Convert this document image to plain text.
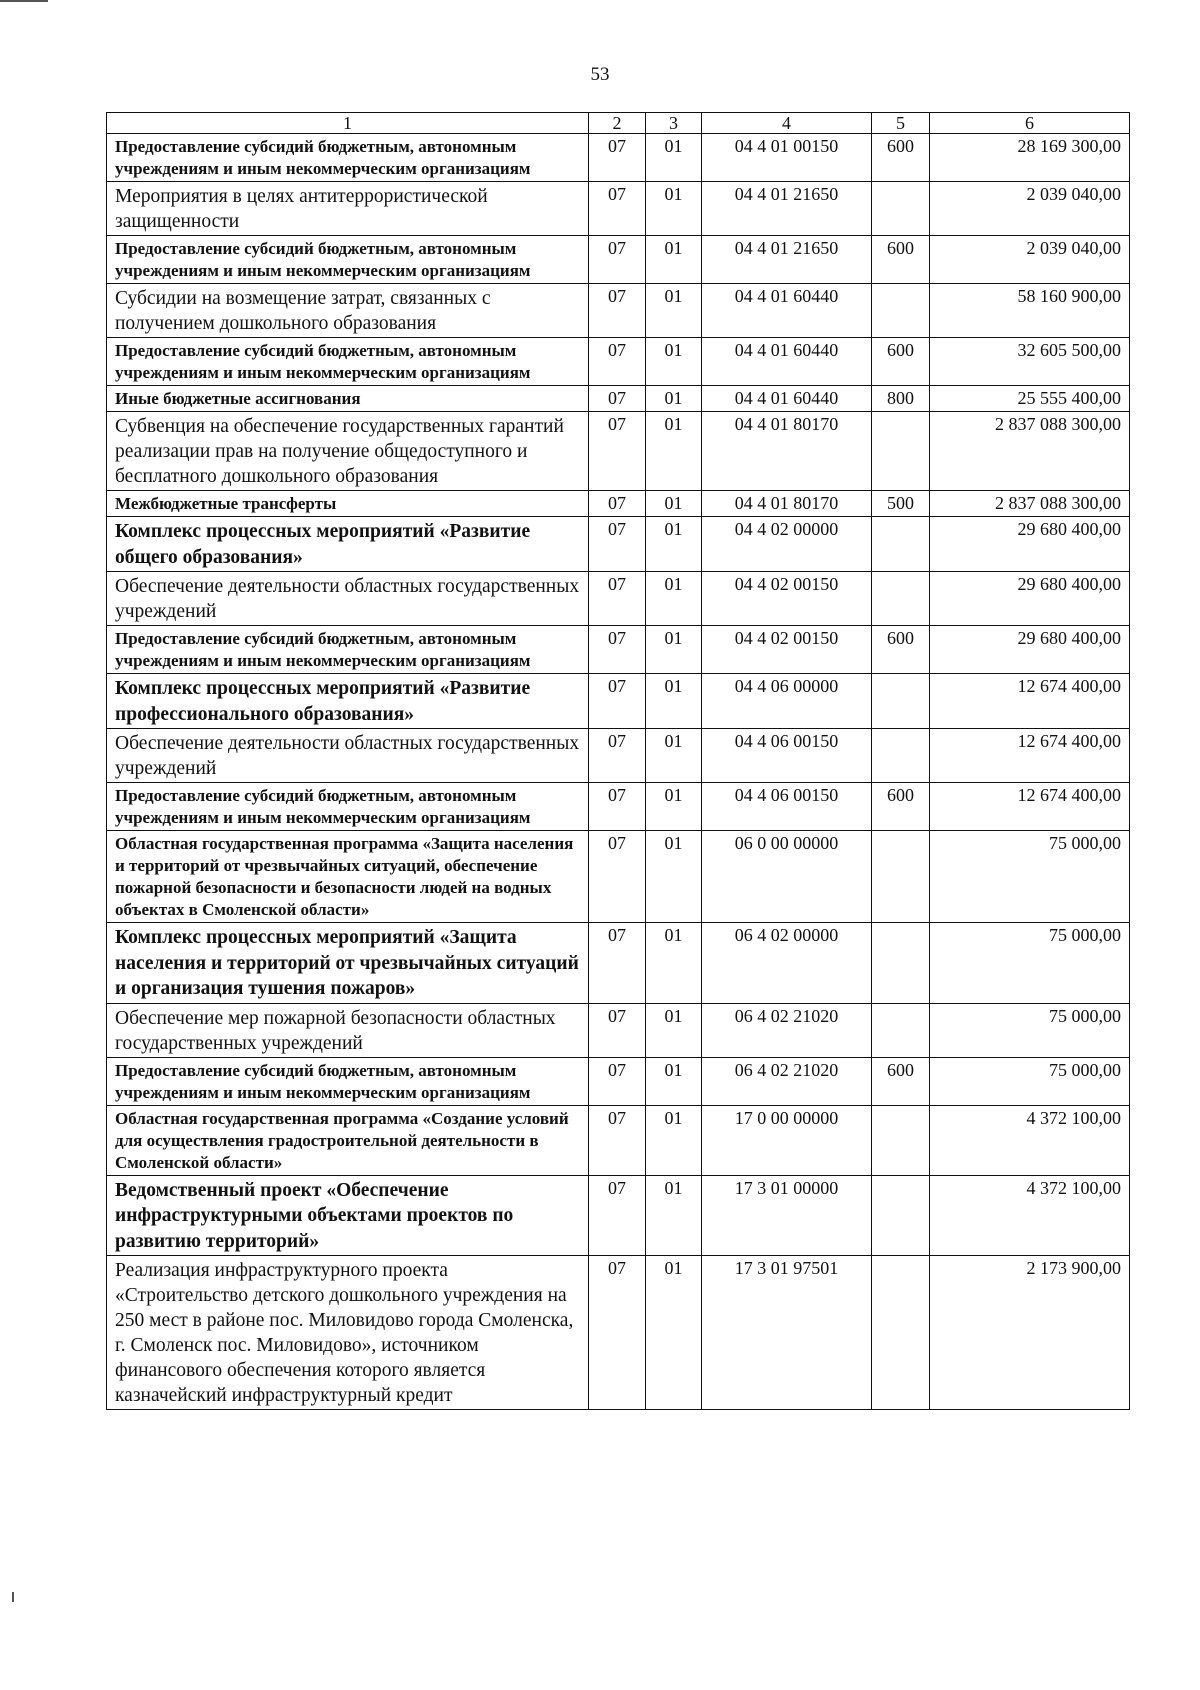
53
1	2	3	4	5	6
Предоставление субсидий бюджетным, автономным учреждениям и иным некоммерческим организациям	07	01	04 4 01 00150	600	28 169 300,00
Мероприятия в целях антитеррористической защищенности	07	01	04 4 01 21650		2 039 040,00
Предоставление субсидий бюджетным, автономным учреждениям и иным некоммерческим организациям	07	01	04 4 01 21650	600	2 039 040,00
Субсидии на возмещение затрат, связанных с получением дошкольного образования	07	01	04 4 01 60440		58 160 900,00
Предоставление субсидий бюджетным, автономным учреждениям и иным некоммерческим организациям	07	01	04 4 01 60440	600	32 605 500,00
Иные бюджетные ассигнования	07	01	04 4 01 60440	800	25 555 400,00
Субвенция на обеспечение государственных гарантий реализации прав на получение общедоступного и бесплатного дошкольного образования	07	01	04 4 01 80170		2 837 088 300,00
Межбюджетные трансферты	07	01	04 4 01 80170	500	2 837 088 300,00
Комплекс процессных мероприятий «Развитие общего образования»	07	01	04 4 02 00000		29 680 400,00
Обеспечение деятельности областных государственных учреждений	07	01	04 4 02 00150		29 680 400,00
Предоставление субсидий бюджетным, автономным учреждениям и иным некоммерческим организациям	07	01	04 4 02 00150	600	29 680 400,00
Комплекс процессных мероприятий «Развитие профессионального образования»	07	01	04 4 06 00000		12 674 400,00
Обеспечение деятельности областных государственных учреждений	07	01	04 4 06 00150		12 674 400,00
Предоставление субсидий бюджетным, автономным учреждениям и иным некоммерческим организациям	07	01	04 4 06 00150	600	12 674 400,00
Областная государственная программа «Защита населения и территорий от чрезвычайных ситуаций, обеспечение пожарной безопасности и безопасности людей на водных объектах в Смоленской области»	07	01	06 0 00 00000		75 000,00
Комплекс процессных мероприятий «Защита населения и территорий от чрезвычайных ситуаций и организация тушения пожаров»	07	01	06 4 02 00000		75 000,00
Обеспечение мер пожарной безопасности областных государственных учреждений	07	01	06 4 02 21020		75 000,00
Предоставление субсидий бюджетным, автономным учреждениям и иным некоммерческим организациям	07	01	06 4 02 21020	600	75 000,00
Областная государственная программа «Создание условий для осуществления градостроительной деятельности в Смоленской области»	07	01	17 0 00 00000		4 372 100,00
Ведомственный проект «Обеспечение инфраструктурными объектами проектов по развитию территорий»	07	01	17 3 01 00000		4 372 100,00
Реализация инфраструктурного проекта «Строительство детского дошкольного учреждения на 250 мест в районе пос. Миловидово города Смоленска, г. Смоленск пос. Миловидово», источником финансового обеспечения которого является казначейский инфраструктурный кредит	07	01	17 3 01 97501		2 173 900,00
